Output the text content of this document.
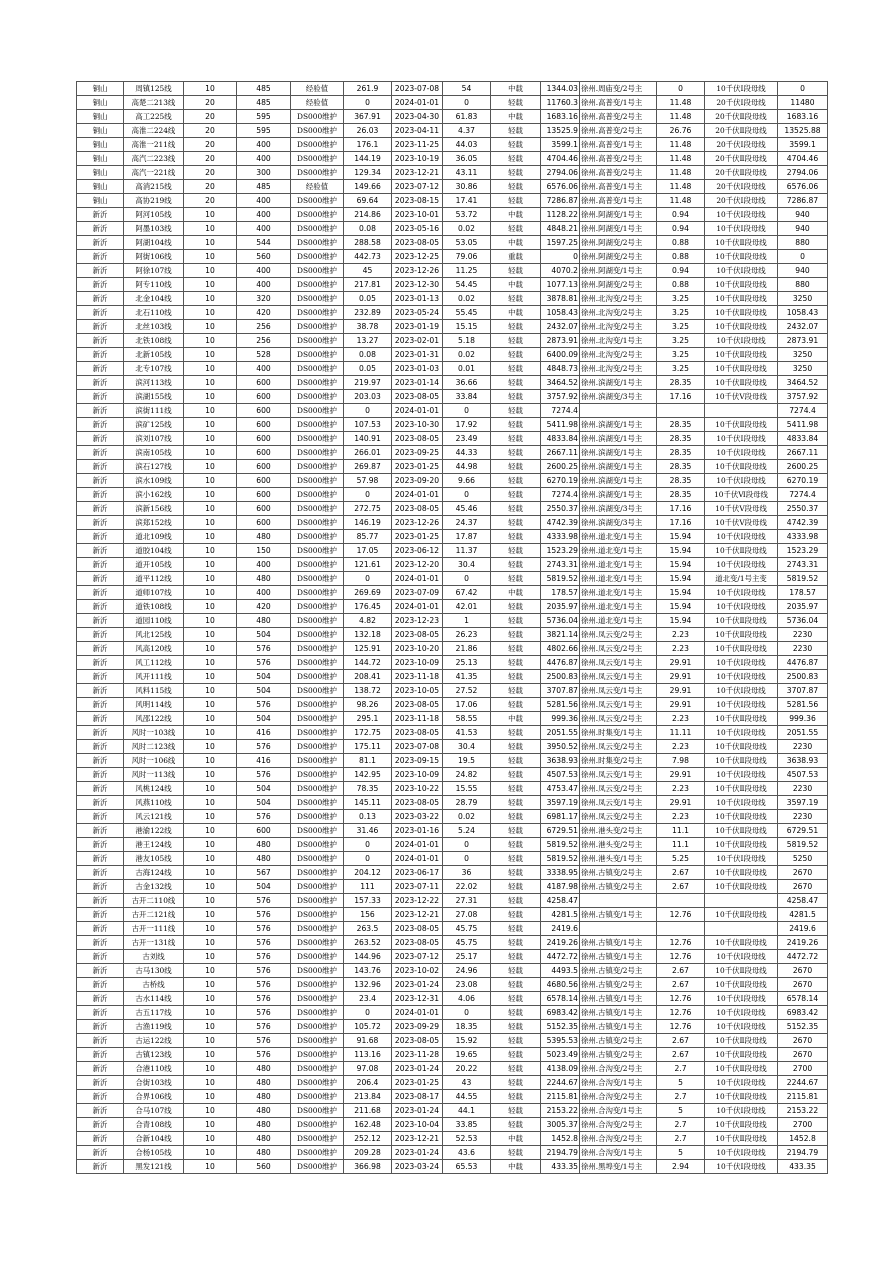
铜山	周镇125线	10	485	经验值	261.9	2023-07-08	54	中载	1344.03	徐州.周庙变/2号主	0	10千伏Ⅰ段母线	0
铜山	高楚二213线	20	485	经验值	0	2024-01-01	0	轻载	11760.3	徐州.高普变/1号主	11.48	20千伏Ⅰ段母线	11480
铜山	高工225线	20	595	DS000维护	367.91	2023-04-30	61.83	中载	1683.16	徐州.高普变/2号主	11.48	20千伏Ⅱ段母线	1683.16
铜山	高淮二224线	20	595	DS000维护	26.03	2023-04-11	4.37	轻载	13525.9	徐州.高普变/2号主	26.76	20千伏Ⅱ段母线	13525.88
铜山	高淮一211线	20	400	DS000维护	176.1	2023-11-25	44.03	轻载	3599.1	徐州.高普变/1号主	11.48	20千伏Ⅰ段母线	3599.1
铜山	高汽二223线	20	400	DS000维护	144.19	2023-10-19	36.05	轻载	4704.46	徐州.高普变/2号主	11.48	20千伏Ⅱ段母线	4704.46
铜山	高汽一221线	20	300	DS000维护	129.34	2023-12-21	43.11	轻载	2794.06	徐州.高普变/2号主	11.48	20千伏Ⅱ段母线	2794.06
铜山	高消215线	20	485	经验值	149.66	2023-07-12	30.86	轻载	6576.06	徐州.高普变/1号主	11.48	20千伏Ⅰ段母线	6576.06
铜山	高协219线	20	400	DS000维护	69.64	2023-08-15	17.41	轻载	7286.87	徐州.高普变/1号主	11.48	20千伏Ⅰ段母线	7286.87
新沂	阿河105线	10	400	DS000维护	214.86	2023-10-01	53.72	中载	1128.22	徐州.阿湖变/1号主	0.94	10千伏Ⅰ段母线	940
新沂	阿墨103线	10	400	DS000维护	0.08	2023-05-16	0.02	轻载	4848.21	徐州.阿湖变/1号主	0.94	10千伏Ⅰ段母线	940
新沂	阿湖104线	10	544	DS000维护	288.58	2023-08-05	53.05	中载	1597.25	徐州.阿湖变/2号主	0.88	10千伏Ⅱ段母线	880
新沂	阿街106线	10	560	DS000维护	442.73	2023-12-25	79.06	重载	0	徐州.阿湖变/2号主	0.88	10千伏Ⅱ段母线	0
新沂	阿徐107线	10	400	DS000维护	45	2023-12-26	11.25	轻载	4070.2	徐州.阿湖变/1号主	0.94	10千伏Ⅰ段母线	940
新沂	阿专110线	10	400	DS000维护	217.81	2023-12-30	54.45	中载	1077.13	徐州.阿湖变/2号主	0.88	10千伏Ⅱ段母线	880
新沂	北金104线	10	320	DS000维护	0.05	2023-01-13	0.02	轻载	3878.81	徐州.北沟变/2号主	3.25	10千伏Ⅱ段母线	3250
新沂	北石110线	10	420	DS000维护	232.89	2023-05-24	55.45	中载	1058.43	徐州.北沟变/2号主	3.25	10千伏Ⅱ段母线	1058.43
新沂	北丝103线	10	256	DS000维护	38.78	2023-01-19	15.15	轻载	2432.07	徐州.北沟变/2号主	3.25	10千伏Ⅱ段母线	2432.07
新沂	北铁108线	10	256	DS000维护	13.27	2023-02-01	5.18	轻载	2873.91	徐州.北沟变/1号主	3.25	10千伏Ⅰ段母线	2873.91
新沂	北新105线	10	528	DS000维护	0.08	2023-01-31	0.02	轻载	6400.09	徐州.北沟变/2号主	3.25	10千伏Ⅱ段母线	3250
新沂	北专107线	10	400	DS000维护	0.05	2023-01-03	0.01	轻载	4848.73	徐州.北沟变/2号主	3.25	10千伏Ⅱ段母线	3250
新沂	滨河113线	10	600	DS000维护	219.97	2023-01-14	36.66	轻载	3464.52	徐州.滨湖变/1号主	28.35	10千伏Ⅱ段母线	3464.52
新沂	滨湖155线	10	600	DS000维护	203.03	2023-08-05	33.84	轻载	3757.92	徐州.滨湖变/3号主	17.16	10千伏Ⅴ段母线	3757.92
新沂	滨街111线	10	600	DS000维护	0	2024-01-01	0	轻载	7274.4				7274.4
新沂	滨矿125线	10	600	DS000维护	107.53	2023-10-30	17.92	轻载	5411.98	徐州.滨湖变/1号主	28.35	10千伏Ⅱ段母线	5411.98
新沂	滨刘107线	10	600	DS000维护	140.91	2023-08-05	23.49	轻载	4833.84	徐州.滨湖变/1号主	28.35	10千伏Ⅰ段母线	4833.84
新沂	滨南105线	10	600	DS000维护	266.01	2023-09-25	44.33	轻载	2667.11	徐州.滨湖变/1号主	28.35	10千伏Ⅰ段母线	2667.11
新沂	滨石127线	10	600	DS000维护	269.87	2023-01-25	44.98	轻载	2600.25	徐州.滨湖变/1号主	28.35	10千伏Ⅱ段母线	2600.25
新沂	滨水109线	10	600	DS000维护	57.98	2023-09-20	9.66	轻载	6270.19	徐州.滨湖变/1号主	28.35	10千伏Ⅰ段母线	6270.19
新沂	滨小162线	10	600	DS000维护	0	2024-01-01	0	轻载	7274.4	徐州.滨湖变/1号主	28.35	10千伏Ⅵ段母线	7274.4
新沂	滨新156线	10	600	DS000维护	272.75	2023-08-05	45.46	轻载	2550.37	徐州.滨湖变/3号主	17.16	10千伏Ⅴ段母线	2550.37
新沂	滨郑152线	10	600	DS000维护	146.19	2023-12-26	24.37	轻载	4742.39	徐州.滨湖变/3号主	17.16	10千伏Ⅴ段母线	4742.39
新沂	道北109线	10	480	DS000维护	85.77	2023-01-25	17.87	轻载	4333.98	徐州.道北变/1号主	15.94	10千伏Ⅰ段母线	4333.98
新沂	道胶104线	10	150	DS000维护	17.05	2023-06-12	11.37	轻载	1523.29	徐州.道北变/1号主	15.94	10千伏Ⅱ段母线	1523.29
新沂	道开105线	10	400	DS000维护	121.61	2023-12-20	30.4	轻载	2743.31	徐州.道北变/1号主	15.94	10千伏Ⅰ段母线	2743.31
新沂	道平112线	10	480	DS000维护	0	2024-01-01	0	轻载	5819.52	徐州.道北变/1号主	15.94	道北变/1号主变	5819.52
新沂	道师107线	10	400	DS000维护	269.69	2023-07-09	67.42	中载	178.57	徐州.道北变/1号主	15.94	10千伏Ⅰ段母线	178.57
新沂	道铁108线	10	420	DS000维护	176.45	2024-01-01	42.01	轻载	2035.97	徐州.道北变/1号主	15.94	10千伏Ⅰ段母线	2035.97
新沂	道园110线	10	480	DS000维护	4.82	2023-12-23	1	轻载	5736.04	徐州.道北变/1号主	15.94	10千伏Ⅱ段母线	5736.04
新沂	风北125线	10	504	DS000维护	132.18	2023-08-05	26.23	轻载	3821.14	徐州.凤云变/2号主	2.23	10千伏Ⅱ段母线	2230
新沂	风高120线	10	576	DS000维护	125.91	2023-10-20	21.86	轻载	4802.66	徐州.凤云变/2号主	2.23	10千伏Ⅱ段母线	2230
新沂	风工112线	10	576	DS000维护	144.72	2023-10-09	25.13	轻载	4476.87	徐州.凤云变/1号主	29.91	10千伏Ⅰ段母线	4476.87
新沂	风开111线	10	504	DS000维护	208.41	2023-11-18	41.35	轻载	2500.83	徐州.凤云变/1号主	29.91	10千伏Ⅰ段母线	2500.83
新沂	风料115线	10	504	DS000维护	138.72	2023-10-05	27.52	轻载	3707.87	徐州.凤云变/1号主	29.91	10千伏Ⅰ段母线	3707.87
新沂	风明114线	10	576	DS000维护	98.26	2023-08-05	17.06	轻载	5281.56	徐州.凤云变/1号主	29.91	10千伏Ⅰ段母线	5281.56
新沂	风邵122线	10	504	DS000维护	295.1	2023-11-18	58.55	中载	999.36	徐州.凤云变/2号主	2.23	10千伏Ⅱ段母线	999.36
新沂	风时一103线	10	416	DS000维护	172.75	2023-08-05	41.53	轻载	2051.55	徐州.时集变/1号主	11.11	10千伏Ⅰ段母线	2051.55
新沂	风时二123线	10	576	DS000维护	175.11	2023-07-08	30.4	轻载	3950.52	徐州.凤云变/2号主	2.23	10千伏Ⅱ段母线	2230
新沂	风时一106线	10	416	DS000维护	81.1	2023-09-15	19.5	轻载	3638.93	徐州.时集变/2号主	7.98	10千伏Ⅱ段母线	3638.93
新沂	风时一113线	10	576	DS000维护	142.95	2023-10-09	24.82	轻载	4507.53	徐州.凤云变/1号主	29.91	10千伏Ⅰ段母线	4507.53
新沂	风桃124线	10	504	DS000维护	78.35	2023-10-22	15.55	轻载	4753.47	徐州.凤云变/2号主	2.23	10千伏Ⅱ段母线	2230
新沂	风燕110线	10	504	DS000维护	145.11	2023-08-05	28.79	轻载	3597.19	徐州.凤云变/1号主	29.91	10千伏Ⅰ段母线	3597.19
新沂	风云121线	10	576	DS000维护	0.13	2023-03-22	0.02	轻载	6981.17	徐州.凤云变/2号主	2.23	10千伏Ⅱ段母线	2230
新沂	港渝122线	10	600	DS000维护	31.46	2023-01-16	5.24	轻载	6729.51	徐州.港头变/2号主	11.1	10千伏Ⅱ段母线	6729.51
新沂	港王124线	10	480	DS000维护	0	2024-01-01	0	轻载	5819.52	徐州.港头变/2号主	11.1	10千伏Ⅱ段母线	5819.52
新沂	港友105线	10	480	DS000维护	0	2024-01-01	0	轻载	5819.52	徐州.港头变/1号主	5.25	10千伏Ⅰ段母线	5250
新沂	古海124线	10	567	DS000维护	204.12	2023-06-17	36	轻载	3338.95	徐州.古镇变/2号主	2.67	10千伏Ⅱ段母线	2670
新沂	古金132线	10	504	DS000维护	111	2023-07-11	22.02	轻载	4187.98	徐州.古镇变/2号主	2.67	10千伏Ⅱ段母线	2670
新沂	古开二110线	10	576	DS000维护	157.33	2023-12-22	27.31	轻载	4258.47				4258.47
新沂	古开二121线	10	576	DS000维护	156	2023-12-21	27.08	轻载	4281.5	徐州.古镇变/1号主	12.76	10千伏Ⅱ段母线	4281.5
新沂	古开一111线	10	576	DS000维护	263.5	2023-08-05	45.75	轻载	2419.6				2419.6
新沂	古开一131线	10	576	DS000维护	263.52	2023-08-05	45.75	轻载	2419.26	徐州.古镇变/1号主	12.76	10千伏Ⅱ段母线	2419.26
新沂	古刘线	10	576	DS000维护	144.96	2023-07-12	25.17	轻载	4472.72	徐州.古镇变/1号主	12.76	10千伏Ⅰ段母线	4472.72
新沂	古马130线	10	576	DS000维护	143.76	2023-10-02	24.96	轻载	4493.5	徐州.古镇变/2号主	2.67	10千伏Ⅱ段母线	2670
新沂	古桥线	10	576	DS000维护	132.96	2023-01-24	23.08	轻载	4680.56	徐州.古镇变/2号主	2.67	10千伏Ⅱ段母线	2670
新沂	古水114线	10	576	DS000维护	23.4	2023-12-31	4.06	轻载	6578.14	徐州.古镇变/1号主	12.76	10千伏Ⅰ段母线	6578.14
新沂	古五117线	10	576	DS000维护	0	2024-01-01	0	轻载	6983.42	徐州.古镇变/1号主	12.76	10千伏Ⅰ段母线	6983.42
新沂	古渔119线	10	576	DS000维护	105.72	2023-09-29	18.35	轻载	5152.35	徐州.古镇变/1号主	12.76	10千伏Ⅰ段母线	5152.35
新沂	古运122线	10	576	DS000维护	91.68	2023-08-05	15.92	轻载	5395.53	徐州.古镇变/2号主	2.67	10千伏Ⅱ段母线	2670
新沂	古镇123线	10	576	DS000维护	113.16	2023-11-28	19.65	轻载	5023.49	徐州.古镇变/2号主	2.67	10千伏Ⅱ段母线	2670
新沂	合港110线	10	480	DS000维护	97.08	2023-01-24	20.22	轻载	4138.09	徐州.合沟变/2号主	2.7	10千伏Ⅱ段母线	2700
新沂	合街103线	10	480	DS000维护	206.4	2023-01-25	43	轻载	2244.67	徐州.合沟变/1号主	5	10千伏Ⅰ段母线	2244.67
新沂	合界106线	10	480	DS000维护	213.84	2023-08-17	44.55	轻载	2115.81	徐州.合沟变/2号主	2.7	10千伏Ⅱ段母线	2115.81
新沂	合马107线	10	480	DS000维护	211.68	2023-01-24	44.1	轻载	2153.22	徐州.合沟变/1号主	5	10千伏Ⅰ段母线	2153.22
新沂	合青108线	10	480	DS000维护	162.48	2023-10-04	33.85	轻载	3005.37	徐州.合沟变/2号主	2.7	10千伏Ⅱ段母线	2700
新沂	合新104线	10	480	DS000维护	252.12	2023-12-21	52.53	中载	1452.8	徐州.合沟变/2号主	2.7	10千伏Ⅱ段母线	1452.8
新沂	合杨105线	10	480	DS000维护	209.28	2023-01-24	43.6	轻载	2194.79	徐州.合沟变/1号主	5	10千伏Ⅰ段母线	2194.79
新沂	黑发121线	10	560	DS000维护	366.98	2023-03-24	65.53	中载	433.35	徐州.黑埠变/1号主	2.94	10千伏Ⅰ段母线	433.35
